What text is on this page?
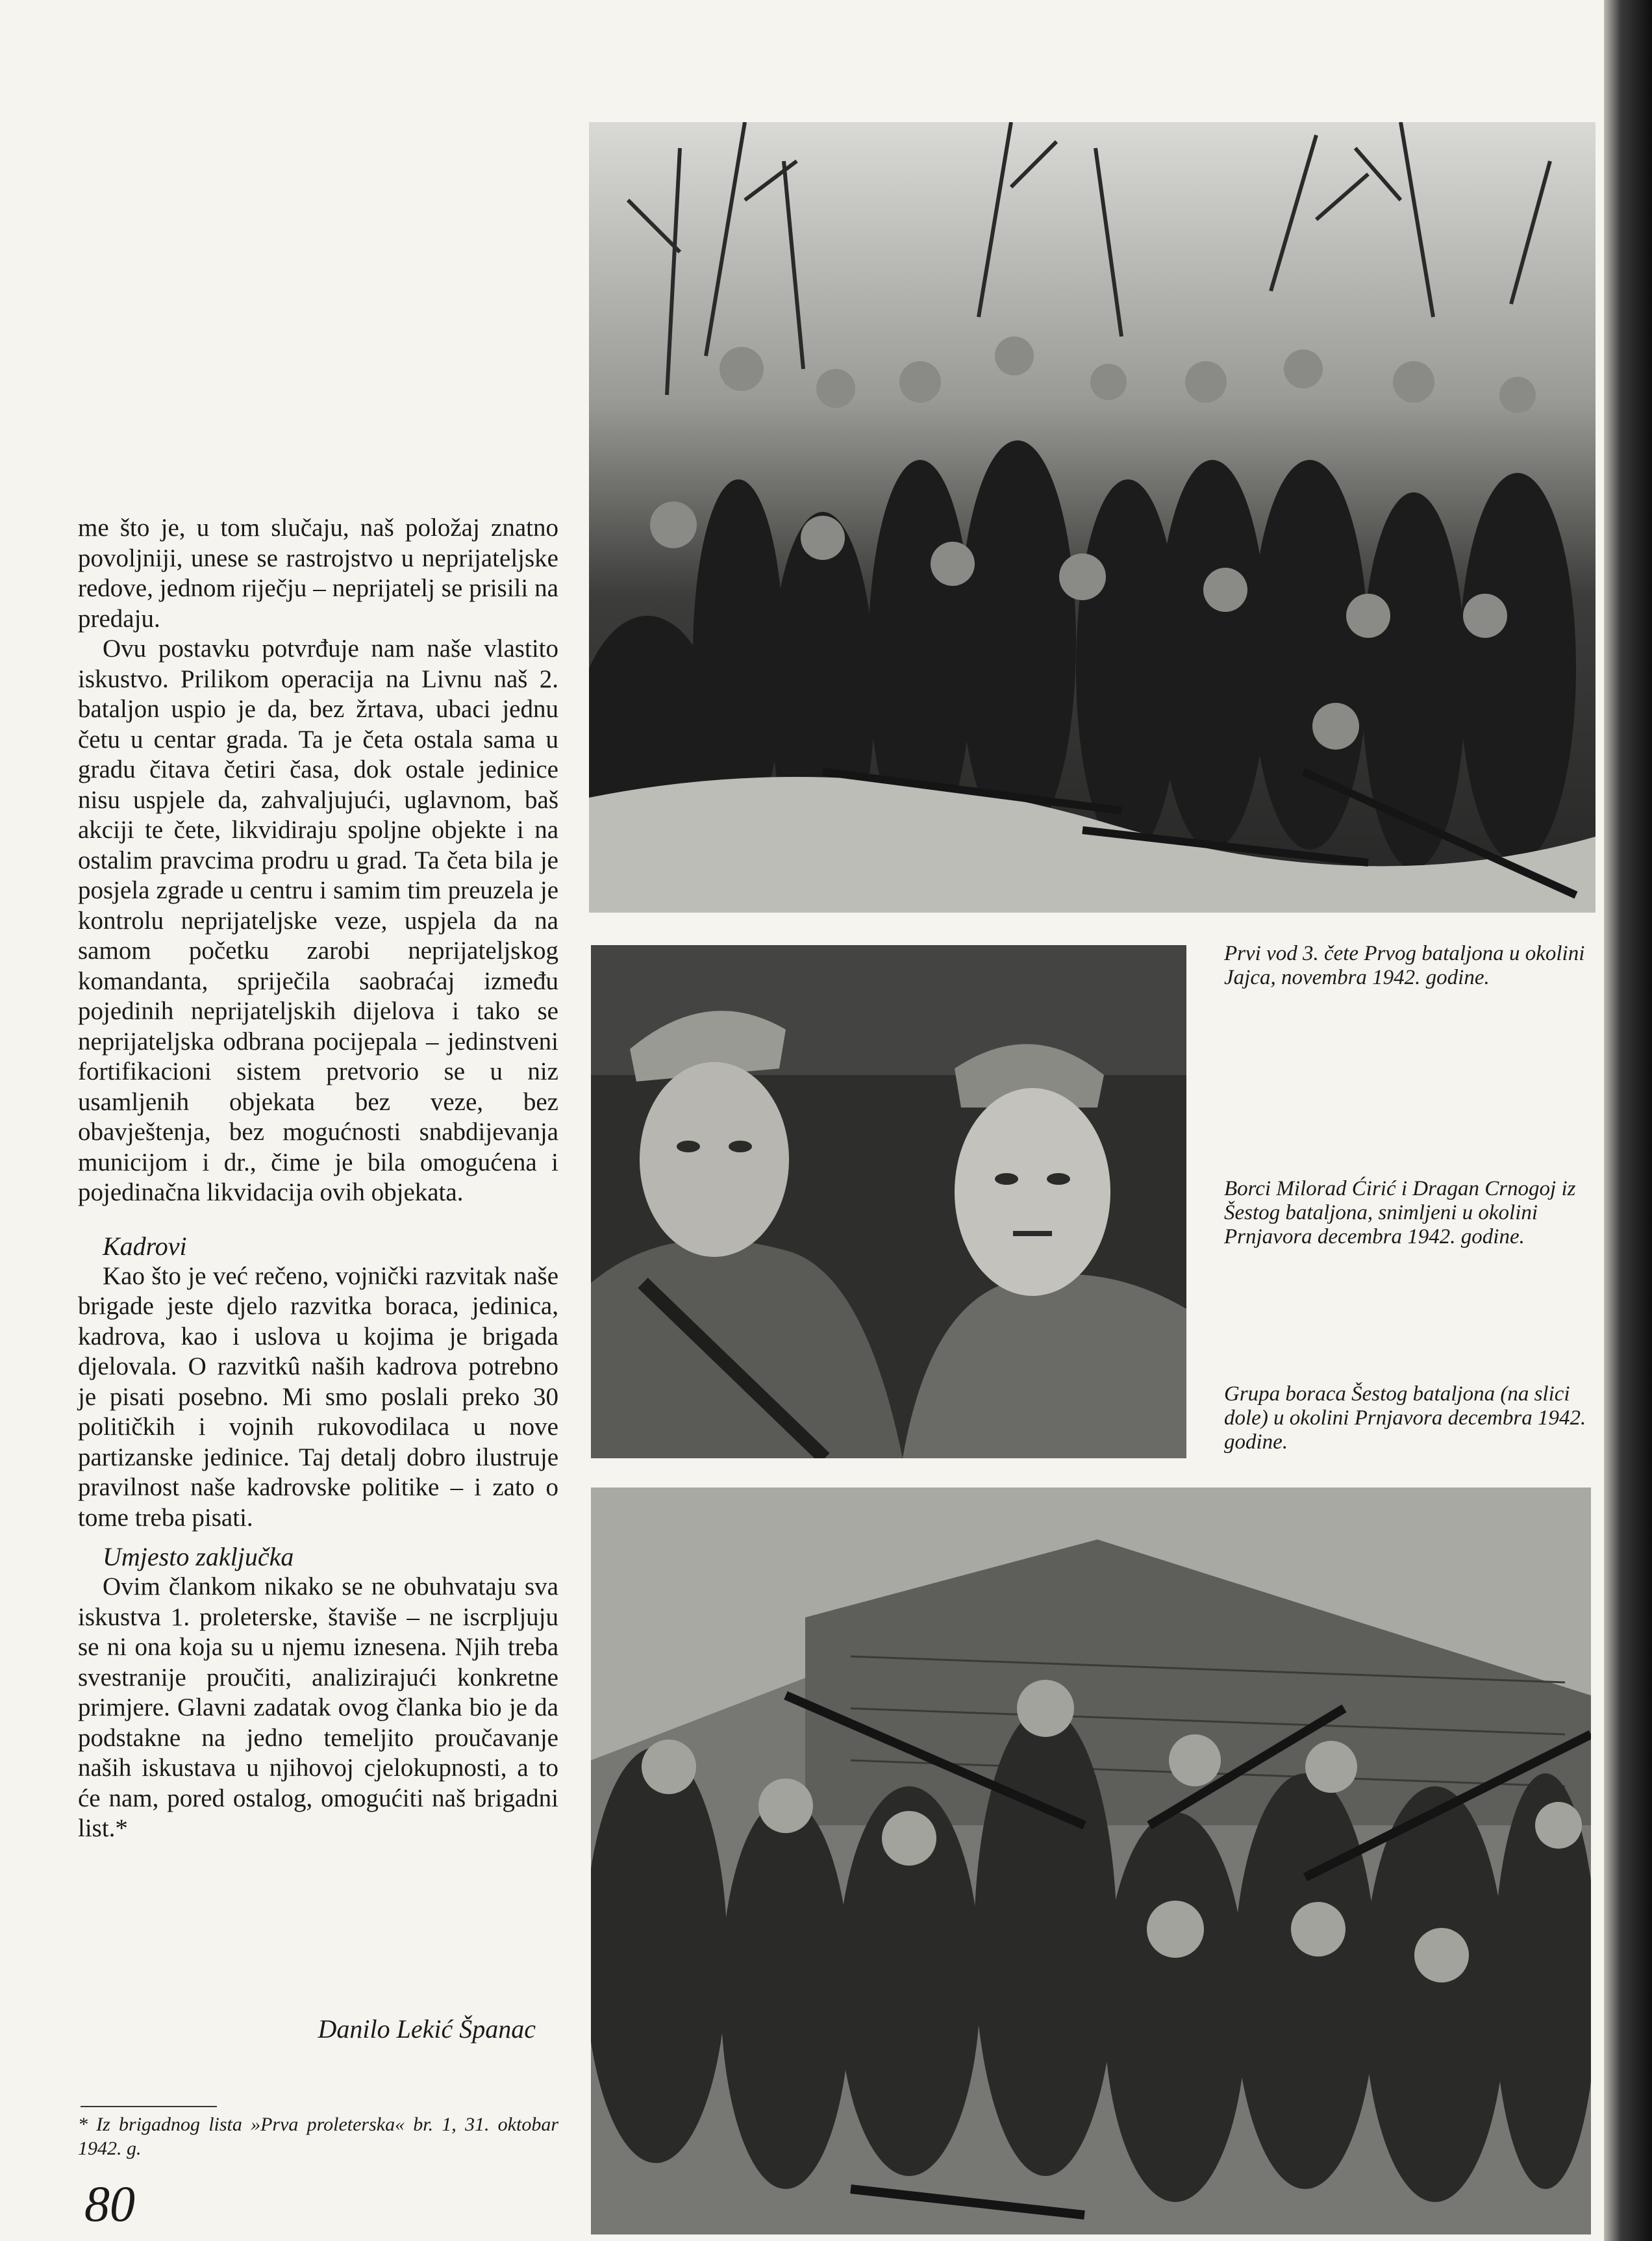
me što je, u tom slučaju, naš položaj znatno povoljniji, unese se rastrojstvo u neprijateljske redove, jednom riječju – neprijatelj se prisili na predaju.

Ovu postavku potvrđuje nam naše vlastito iskustvo. Prilikom operacija na Livnu naš 2. bataljon uspio je da, bez žrtava, ubaci jednu četu u centar grada. Ta je četa ostala sama u gradu čitava četiri časa, dok ostale jedinice nisu uspjele da, zahvaljujući, uglavnom, baš akciji te čete, likvidiraju spoljne objekte i na ostalim pravcima prodru u grad. Ta četa bila je posjela zgrade u centru i samim tim preuzela je kontrolu neprijateljske veze, uspjela da na samom početku zarobi neprijateljskog komandanta, spriječila saobraćaj između pojedinih neprijateljskih dijelova i tako se neprijateljska odbrana pocijepala – jedinstveni fortifikacioni sistem pretvorio se u niz usamljenih objekata bez veze, bez obavještenja, bez mogućnosti snabdijevanja municijom i dr., čime je bila omogućena i pojedinačna likvidacija ovih objekata.

Kadrovi

Kao što je već rečeno, vojnički razvitak naše brigade jeste djelo razvitka boraca, jedinica, kadrova, kao i uslova u kojima je brigada djelovala. O razvitkû naših kadrova potrebno je pisati posebno. Mi smo poslali preko 30 političkih i vojnih rukovodilaca u nove partizanske jedinice. Taj detalj dobro ilustruje pravilnost naše kadrovske politike – i zato o tome treba pisati.

Umjesto zaključka

Ovim člankom nikako se ne obuhvataju sva iskustva 1. proleterske, štaviše – ne iscrpljuju se ni ona koja su u njemu iznesena. Njih treba svestranije proučiti, analizirajući konkretne primjere. Glavni zadatak ovog članka bio je da podstakne na jedno temeljito proučavanje naših iskustava u njihovoj cjelokupnosti, a to će nam, pored ostalog, omogućiti naš brigadni list.*

Danilo Lekić Španac
* Iz brigadnog lista »Prva proleterska« br. 1, 31. oktobar 1942. g.
80
Prvi vod 3. čete Prvog bataljona u okolini Jajca, novembra 1942. godine.
Borci Milorad Ćirić i Dragan Crnogoj iz Šestog bataljona, snimljeni u okolini Prnjavora decembra 1942. godine.
Grupa boraca Šestog bataljona (na slici dole) u okolini Prnjavora decembra 1942. godine.
